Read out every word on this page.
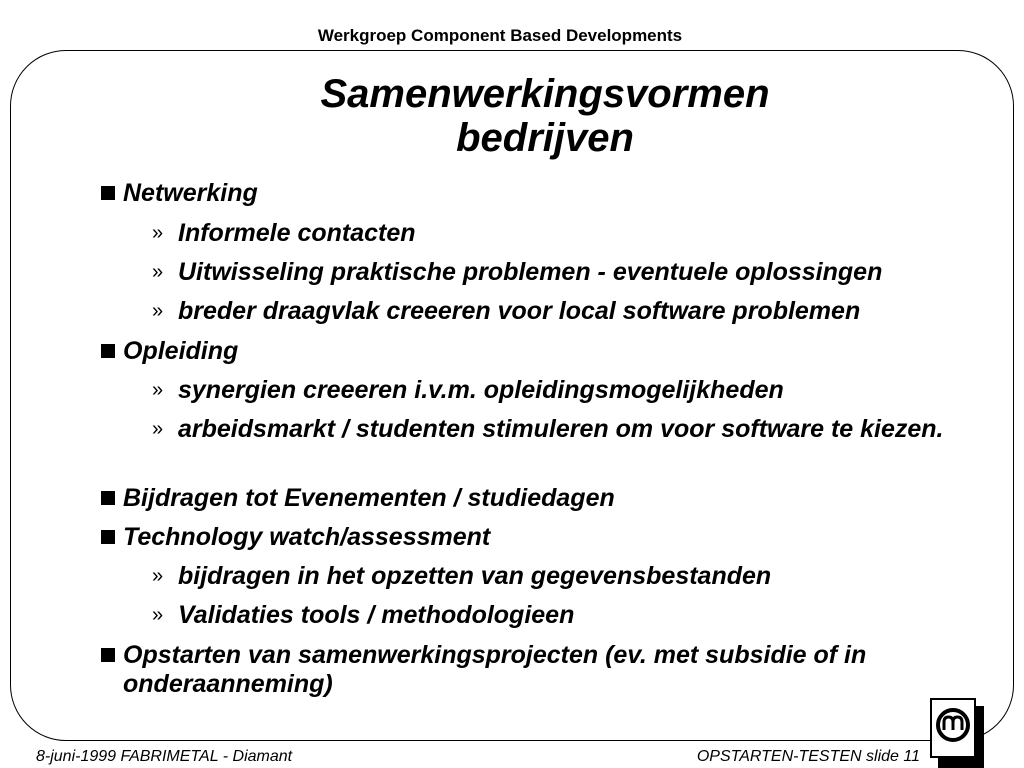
Werkgroep Component Based Developments
Samenwerkingsvormen
bedrijven
Netwerking
» Informele contacten
» Uitwisseling praktische problemen - eventuele oplossingen
» breder draagvlak creeeren voor local software problemen
Opleiding
» synergien creeeren i.v.m. opleidingsmogelijkheden
» arbeidsmarkt / studenten stimuleren om voor software te kiezen.
Bijdragen tot Evenementen / studiedagen
Technology watch/assessment
» bijdragen in het opzetten van gegevensbestanden
» Validaties tools / methodologieen
Opstarten van samenwerkingsprojecten (ev. met subsidie of in onderaanneming)
8-juni-1999 FABRIMETAL - Diamant	OPSTARTEN-TESTEN slide 11
